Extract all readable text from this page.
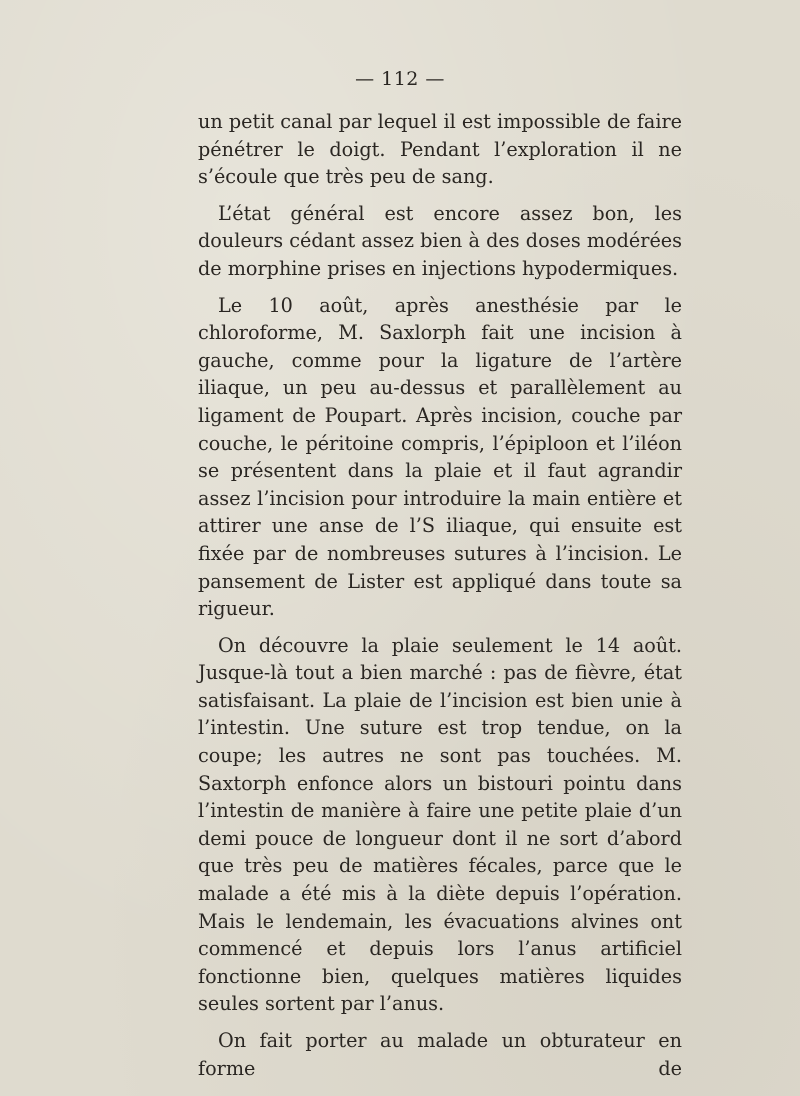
— 112 —

un petit canal par lequel il est impossible de faire pénétrer le doigt. Pendant l’exploration il ne s’écoule que très peu de sang.

L’état général est encore assez bon, les douleurs cédant assez bien à des doses modérées de morphine prises en injections hypodermiques.

Le 10 août, après anesthésie par le chloroforme, M. Saxlorph fait une incision à gauche, comme pour la ligature de l’artère iliaque, un peu au-dessus et parallèlement au ligament de Poupart. Après incision, couche par couche, le péritoine compris, l’épiploon et l’iléon se présentent dans la plaie et il faut agrandir assez l’incision pour introduire la main entière et attirer une anse de l’S iliaque, qui ensuite est fixée par de nombreuses sutures à l’incision. Le pansement de Lister est appliqué dans toute sa rigueur.

On découvre la plaie seulement le 14 août. Jusque-là tout a bien marché : pas de fièvre, état satisfaisant. La plaie de l’incision est bien unie à l’intestin. Une suture est trop tendue, on la coupe; les autres ne sont pas touchées. M. Saxtorph enfonce alors un bistouri pointu dans l’intestin de manière à faire une petite plaie d’un demi pouce de longueur dont il ne sort d’abord que très peu de matières fécales, parce que le malade a été mis à la diète depuis l’opération. Mais le lendemain, les évacuations alvines ont commencé et depuis lors l’anus artificiel fonctionne bien, quelques matières liquides seules sortent par l’anus.

On fait porter au malade un obturateur en forme de
